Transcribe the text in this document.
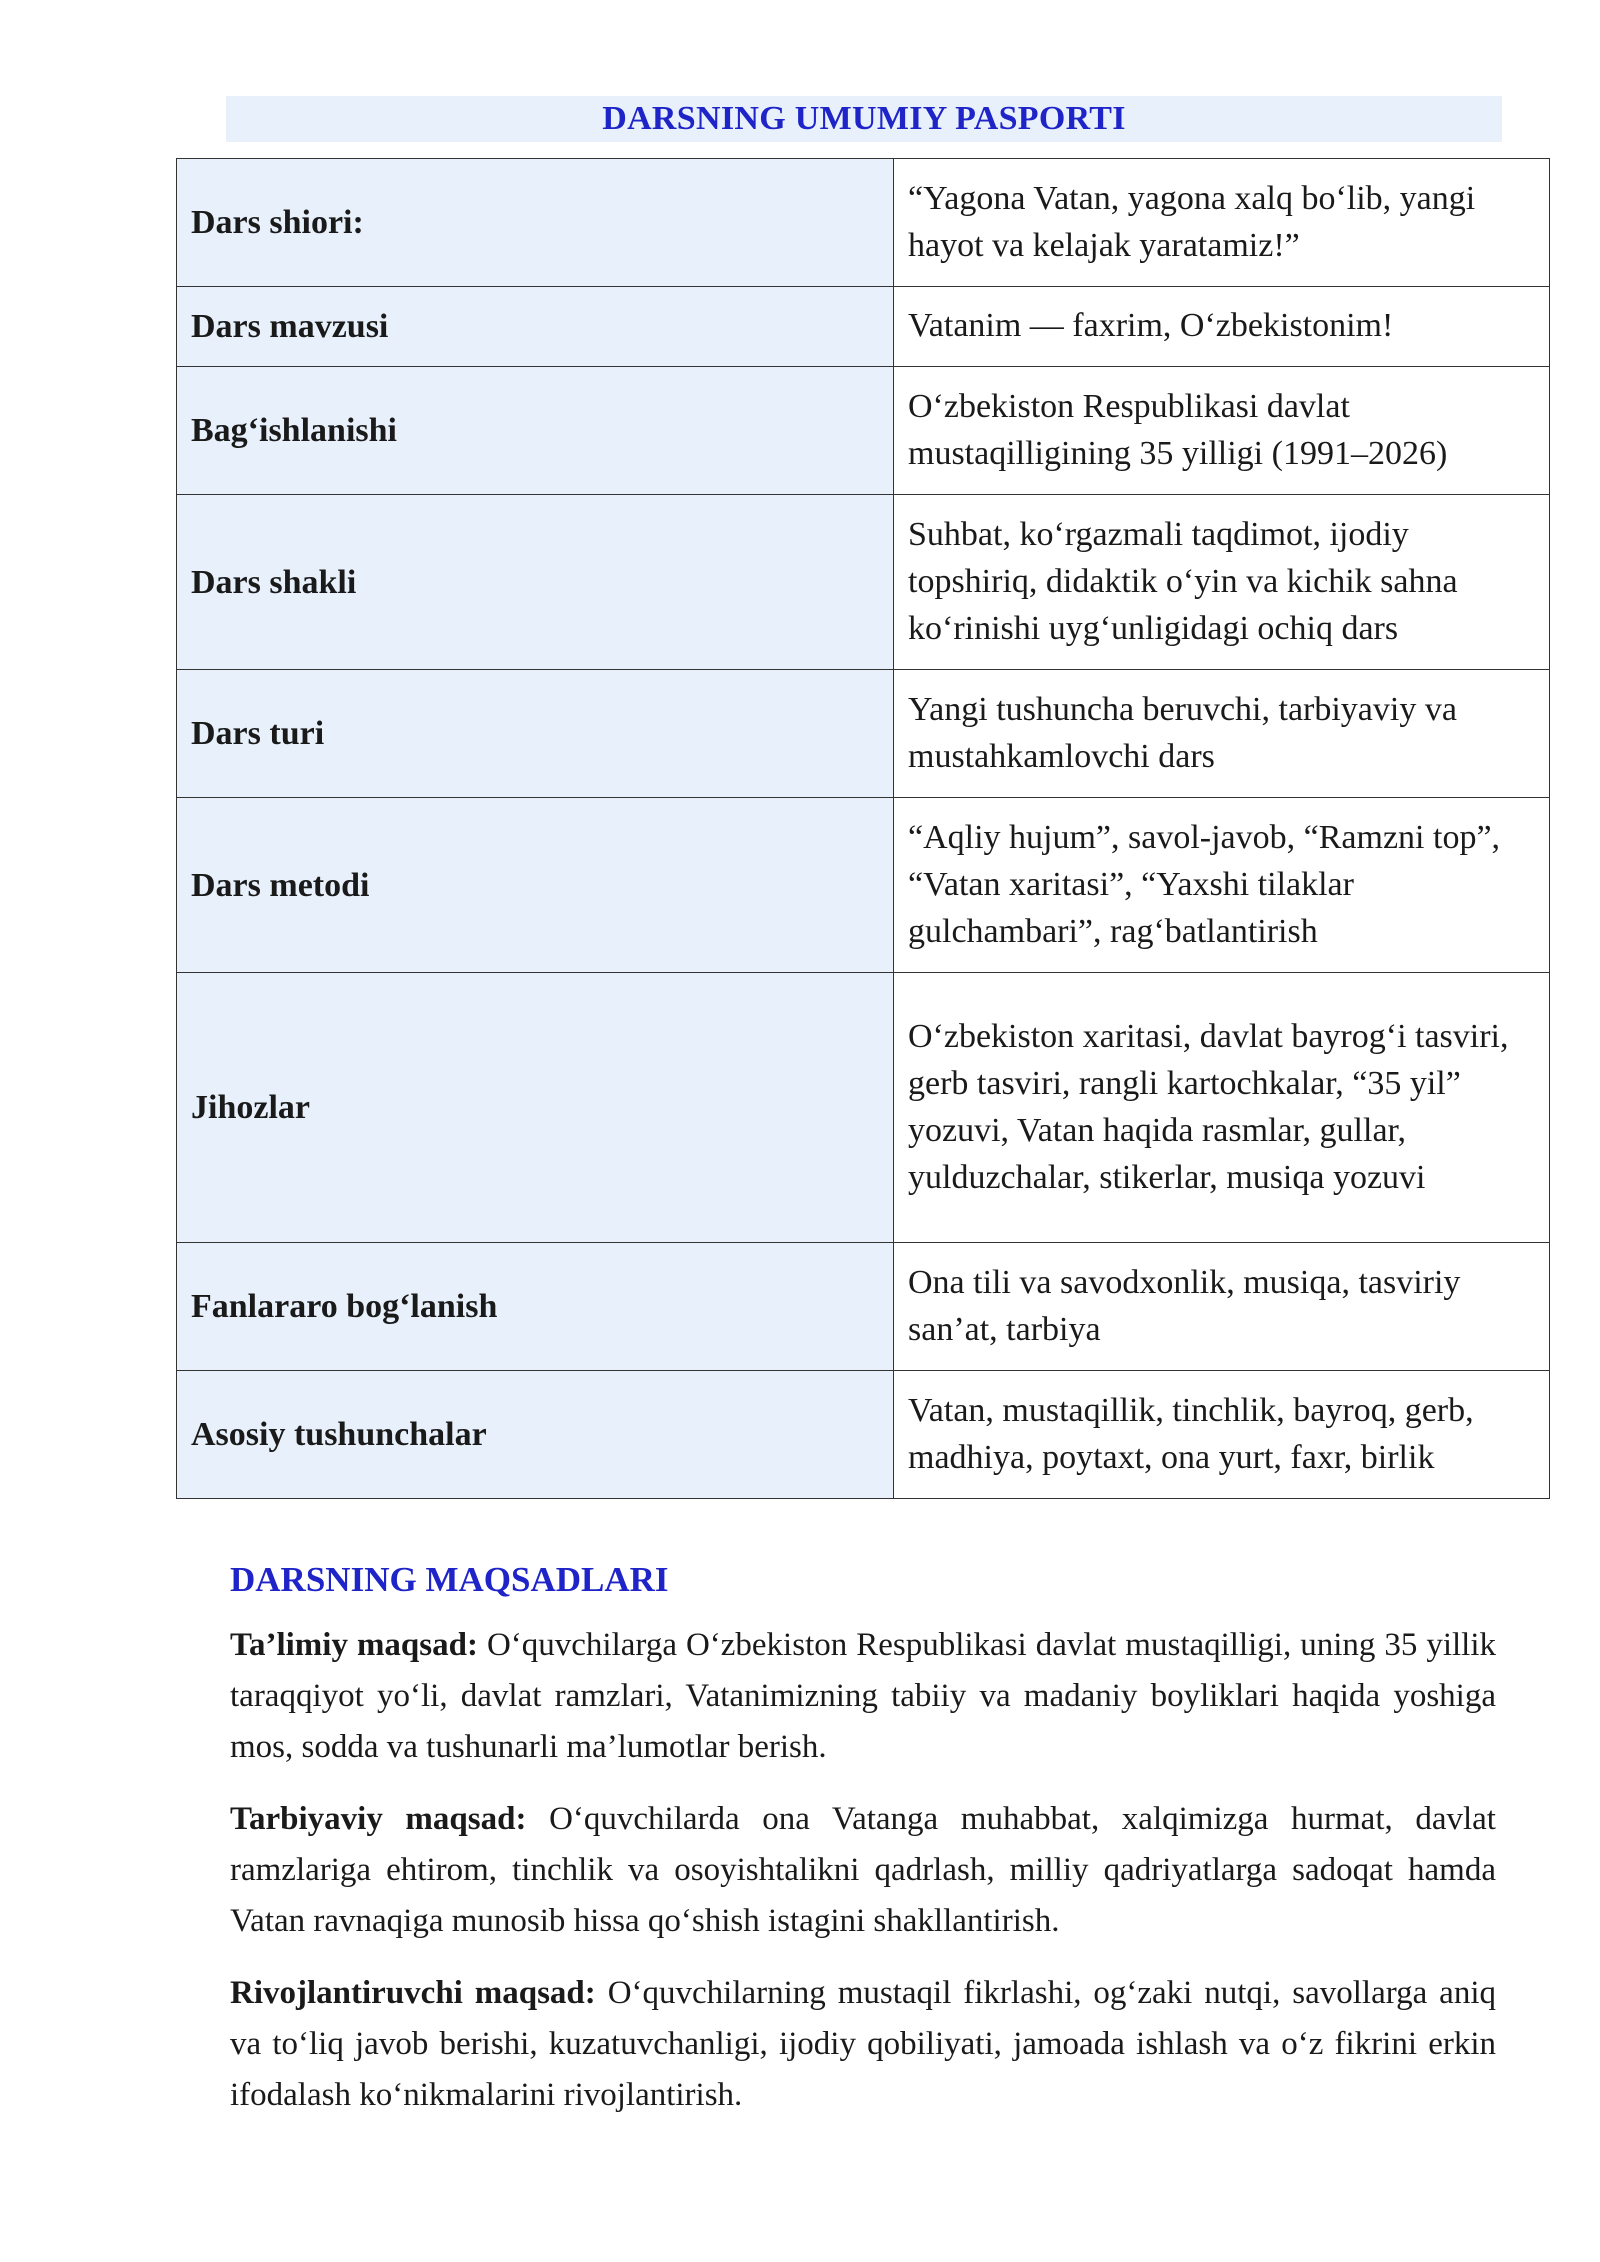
DARSNING UMUMIY PASPORTI
Dars shiori:	“Yagona Vatan, yagona xalq bo‘lib, yangi hayot va kelajak yaratamiz!”
Dars mavzusi	Vatanim — faxrim, O‘zbekistonim!
Bag‘ishlanishi	O‘zbekiston Respublikasi davlat mustaqilligining 35 yilligi (1991–2026)
Dars shakli	Suhbat, ko‘rgazmali taqdimot, ijodiy topshiriq, didaktik o‘yin va kichik sahna ko‘rinishi uyg‘unligidagi ochiq dars
Dars turi	Yangi tushuncha beruvchi, tarbiyaviy va mustahkamlovchi dars
Dars metodi	“Aqliy hujum”, savol-javob, “Ramzni top”, “Vatan xaritasi”, “Yaxshi tilaklar gulchambari”, rag‘batlantirish
Jihozlar	O‘zbekiston xaritasi, davlat bayrog‘i tasviri, gerb tasviri, rangli kartochkalar, “35 yil” yozuvi, Vatan haqida rasmlar, gullar, yulduzchalar, stikerlar, musiqa yozuvi
Fanlararo bog‘lanish	Ona tili va savodxonlik, musiqa, tasviriy san’at, tarbiya
Asosiy tushunchalar	Vatan, mustaqillik, tinchlik, bayroq, gerb, madhiya, poytaxt, ona yurt, faxr, birlik
DARSNING MAQSADLARI

Ta’limiy maqsad: O‘quvchilarga O‘zbekiston Respublikasi davlat mustaqilligi, uning 35 yillik taraqqiyot yo‘li, davlat ramzlari, Vatanimizning tabiiy va madaniy boyliklari haqida yoshiga mos, sodda va tushunarli ma’lumotlar berish.

Tarbiyaviy maqsad: O‘quvchilarda ona Vatanga muhabbat, xalqimizga hurmat, davlat ramzlariga ehtirom, tinchlik va osoyishtalikni qadrlash, milliy qadriyatlarga sadoqat hamda Vatan ravnaqiga munosib hissa qo‘shish istagini shakllantirish.

Rivojlantiruvchi maqsad: O‘quvchilarning mustaqil fikrlashi, og‘zaki nutqi, savollarga aniq va to‘liq javob berishi, kuzatuvchanligi, ijodiy qobiliyati, jamoada ishlash va o‘z fikrini erkin ifodalash ko‘nikmalarini rivojlantirish.
